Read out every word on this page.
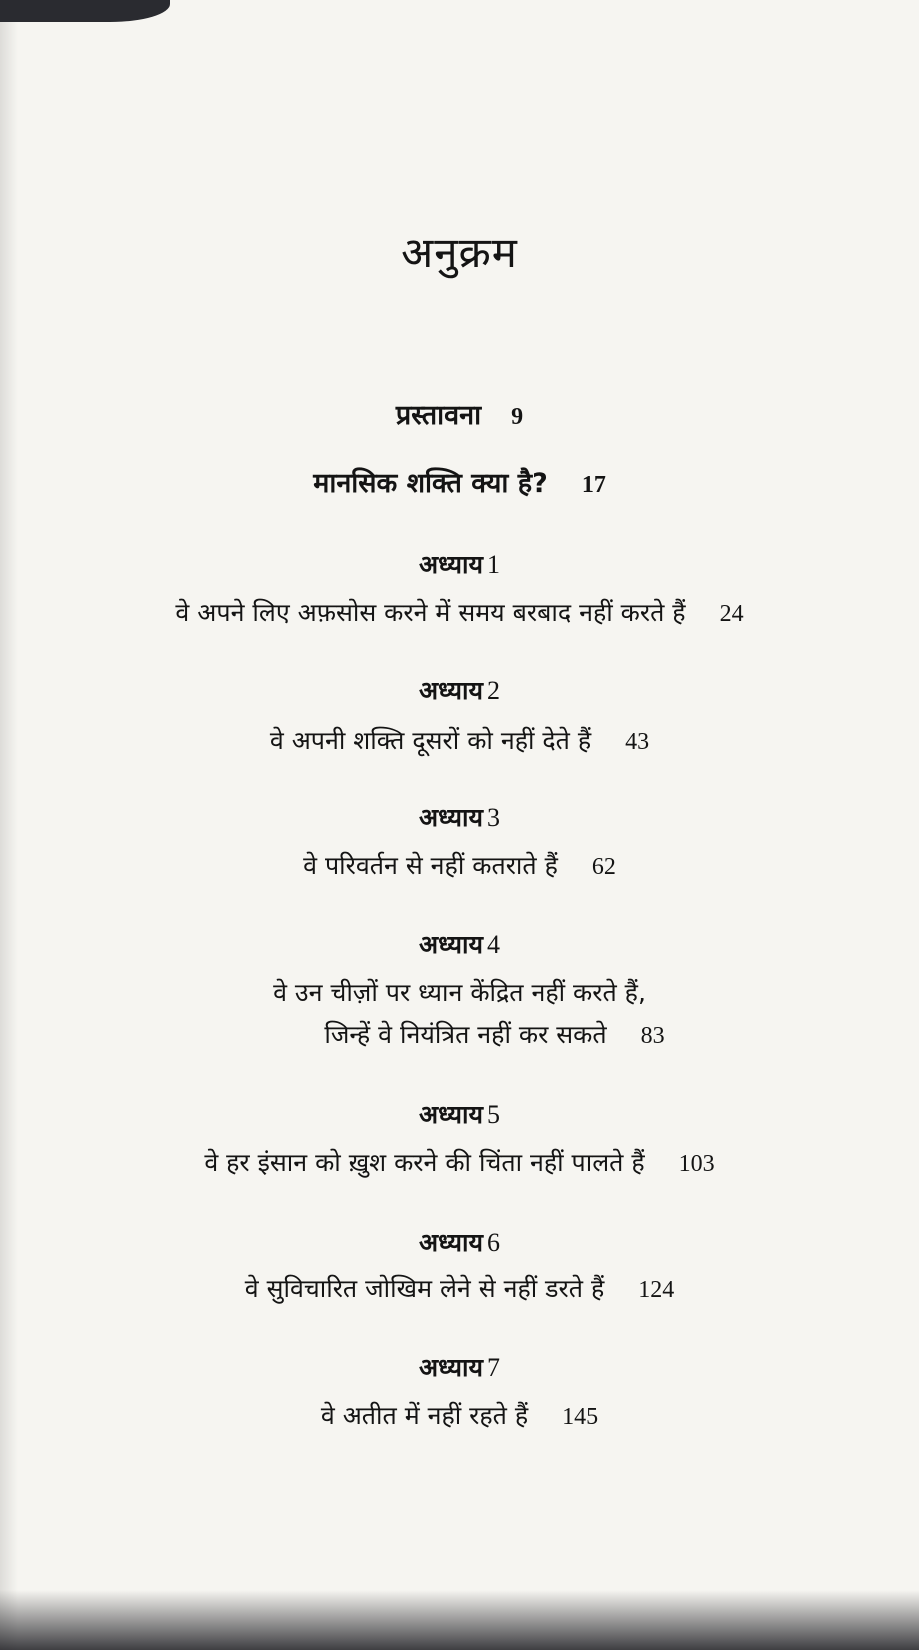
अनुक्रम
प्रस्तावना 9
मानसिक शक्ति क्या है? 17
अध्याय 1
वे अपने लिए अफ़सोस करने में समय बरबाद नहीं करते हैं 24
अध्याय 2
वे अपनी शक्ति दूसरों को नहीं देते हैं 43
अध्याय 3
वे परिवर्तन से नहीं कतराते हैं 62
अध्याय 4
वे उन चीज़ों पर ध्यान केंद्रित नहीं करते हैं,
जिन्हें वे नियंत्रित नहीं कर सकते 83
अध्याय 5
वे हर इंसान को ख़ुश करने की चिंता नहीं पालते हैं 103
अध्याय 6
वे सुविचारित जोखिम लेने से नहीं डरते हैं 124
अध्याय 7
वे अतीत में नहीं रहते हैं 145
